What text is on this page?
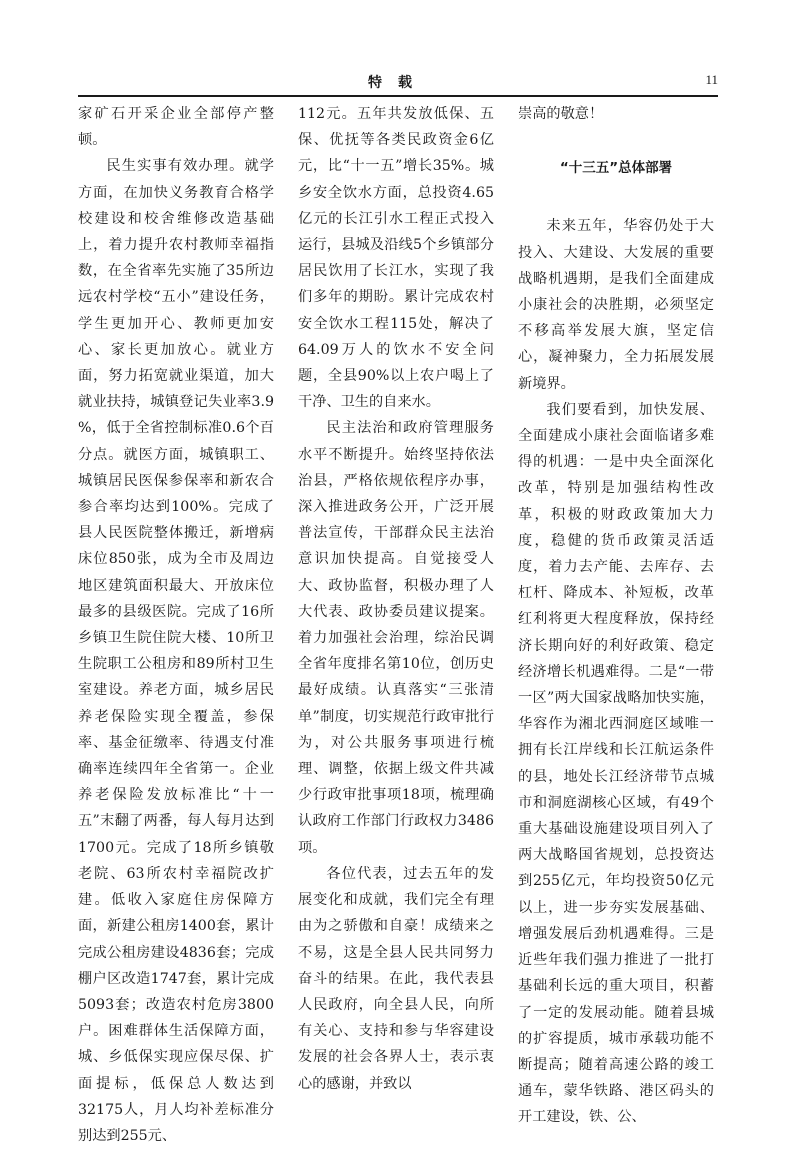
特载	11

家矿石开采企业全部停产整顿。

民生实事有效办理。就学方面，在加快义务教育合格学校建设和校舍维修改造基础上，着力提升农村教师幸福指数，在全省率先实施了35所边远农村学校“五小”建设任务，学生更加开心、教师更加安心、家长更加放心。就业方面，努力拓宽就业渠道，加大就业扶持，城镇登记失业率3.9 %，低于全省控制标准0.6个百分点。就医方面，城镇职工、城镇居民医保参保率和新农合参合率均达到100%。完成了县人民医院整体搬迁，新增病床位850张，成为全市及周边地区建筑面积最大、开放床位最多的县级医院。完成了16所乡镇卫生院住院大楼、10所卫生院职工公租房和89所村卫生室建设。养老方面，城乡居民养老保险实现全覆盖，参保率、基金征缴率、待遇支付准确率连续四年全省第一。企业养老保险发放标准比“十一五”末翻了两番，每人每月达到1700元。完成了18所乡镇敬老院、63所农村幸福院改扩建。低收入家庭住房保障方面，新建公租房1400套，累计完成公租房建设4836套；完成棚户区改造1747套，累计完成5093套；改造农村危房3800户。困难群体生活保障方面，城、乡低保实现应保尽保、扩面提标，低保总人数达到32175人，月人均补差标准分别达到255元、

112元。五年共发放低保、五保、优抚等各类民政资金6亿元，比“十一五”增长35%。城乡安全饮水方面，总投资4.65亿元的长江引水工程正式投入运行，县城及沿线5个乡镇部分居民饮用了长江水，实现了我们多年的期盼。累计完成农村安全饮水工程115处，解决了64.09万人的饮水不安全问题，全县90%以上农户喝上了干净、卫生的自来水。

民主法治和政府管理服务水平不断提升。始终坚持依法治县，严格依规依程序办事，深入推进政务公开，广泛开展普法宣传，干部群众民主法治意识加快提高。自觉接受人大、政协监督，积极办理了人大代表、政协委员建议提案。着力加强社会治理，综治民调全省年度排名第10位，创历史最好成绩。认真落实“三张清单”制度，切实规范行政审批行为，对公共服务事项进行梳理、调整，依据上级文件共减少行政审批事项18项，梳理确认政府工作部门行政权力3486项。

各位代表，过去五年的发展变化和成就，我们完全有理由为之骄傲和自豪！成绩来之不易，这是全县人民共同努力奋斗的结果。在此，我代表县人民政府，向全县人民，向所有关心、支持和参与华容建设发展的社会各界人士，表示衷心的感谢，并致以

崇高的敬意！

“十三五”总体部署

未来五年，华容仍处于大投入、大建设、大发展的重要战略机遇期，是我们全面建成小康社会的决胜期，必须坚定不移高举发展大旗，坚定信心，凝神聚力，全力拓展发展新境界。

我们要看到，加快发展、全面建成小康社会面临诸多难得的机遇：一是中央全面深化改革，特别是加强结构性改革，积极的财政政策加大力度，稳健的货币政策灵活适度，着力去产能、去库存、去杠杆、降成本、补短板，改革红利将更大程度释放，保持经济长期向好的利好政策、稳定经济增长机遇难得。二是“一带一区”两大国家战略加快实施，华容作为湘北西洞庭区域唯一拥有长江岸线和长江航运条件的县，地处长江经济带节点城市和洞庭湖核心区域，有49个重大基础设施建设项目列入了两大战略国省规划，总投资达到255亿元，年均投资50亿元以上，进一步夯实发展基础、增强发展后劲机遇难得。三是近些年我们强力推进了一批打基础利长远的重大项目，积蓄了一定的发展动能。随着县城的扩容提质，城市承载功能不断提高；随着高速公路的竣工通车，蒙华铁路、港区码头的开工建设，铁、公、
